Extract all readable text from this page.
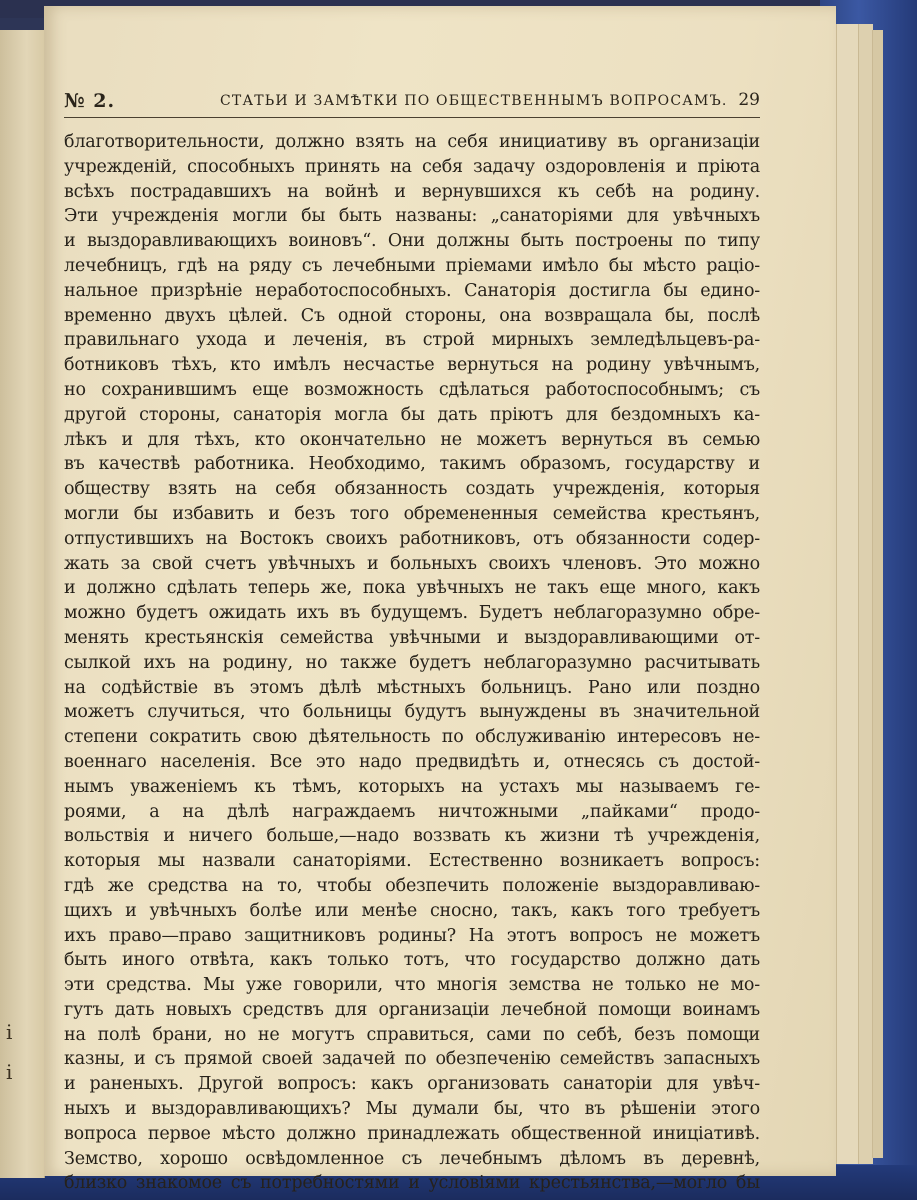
і
і
№ 2.	СТАТЬИ И ЗАМѢТКИ ПО ОБЩЕСТВЕННЫМЪ ВОПРОСАМЪ. 29
благотворительности, должно взять на себя инициативу въ организаціи
учрежденій, способныхъ принять на себя задачу оздоровленія и пріюта
всѣхъ пострадавшихъ на войнѣ и вернувшихся къ себѣ на родину.
Эти учрежденія могли бы быть названы: „санаторіями для увѣчныхъ
и выздоравливающихъ воиновъ“. Они должны быть построены по типу
лечебницъ, гдѣ на ряду съ лечебными пріемами имѣло бы мѣсто раціо-
нальное призрѣніе неработоспособныхъ. Санаторія достигла бы едино-
временно двухъ цѣлей. Съ одной стороны, она возвращала бы, послѣ
правильнаго ухода и леченія, въ строй мирныхъ земледѣльцевъ-ра-
ботниковъ тѣхъ, кто имѣлъ несчастье вернуться на родину увѣчнымъ,
но сохранившимъ еще возможность сдѣлаться работоспособнымъ; съ
другой стороны, санаторія могла бы дать пріютъ для бездомныхъ ка-
лѣкъ и для тѣхъ, кто окончательно не можетъ вернуться въ семью
въ качествѣ работника. Необходимо, такимъ образомъ, государству и
обществу взять на себя обязанность создать учрежденія, которыя
могли бы избавить и безъ того обремененныя семейства крестьянъ,
отпустившихъ на Востокъ своихъ работниковъ, отъ обязанности содер-
жать за свой счетъ увѣчныхъ и больныхъ своихъ членовъ. Это можно
и должно сдѣлать теперь же, пока увѣчныхъ не такъ еще много, какъ
можно будетъ ожидать ихъ въ будущемъ. Будетъ неблагоразумно обре-
менять крестьянскія семейства увѣчными и выздоравливающими от-
сылкой ихъ на родину, но также будетъ неблагоразумно расчитывать
на содѣйствіе въ этомъ дѣлѣ мѣстныхъ больницъ. Рано или поздно
можетъ случиться, что больницы будутъ вынуждены въ значительной
степени сократить свою дѣятельность по обслуживанію интересовъ не-
военнаго населенія. Все это надо предвидѣть и, отнесясь съ достой-
нымъ уваженіемъ къ тѣмъ, которыхъ на устахъ мы называемъ ге-
роями, а на дѣлѣ награждаемъ ничтожными „пайками“ продо-
вольствія и ничего больше,—надо воззвать къ жизни тѣ учрежденія,
которыя мы назвали санаторіями. Естественно возникаетъ вопросъ:
гдѣ же средства на то, чтобы обезпечить положеніе выздоравливаю-
щихъ и увѣчныхъ болѣе или менѣе сносно, такъ, какъ того требуетъ
ихъ право—право защитниковъ родины? На этотъ вопросъ не можетъ
быть иного отвѣта, какъ только тотъ, что государство должно дать
эти средства. Мы уже говорили, что многія земства не только не мо-
гутъ дать новыхъ средствъ для организаціи лечебной помощи воинамъ
на полѣ брани, но не могутъ справиться, сами по себѣ, безъ помощи
казны, и съ прямой своей задачей по обезпеченію семействъ запасныхъ
и раненыхъ. Другой вопросъ: какъ организовать санаторіи для увѣч-
ныхъ и выздоравливающихъ? Мы думали бы, что въ рѣшеніи этого
вопроса первое мѣсто должно принадлежать общественной иниціативѣ.
Земство, хорошо освѣдомленное съ лечебнымъ дѣломъ въ деревнѣ,
близко знакомое съ потребностями и условіями крестьянства,—могло бы
